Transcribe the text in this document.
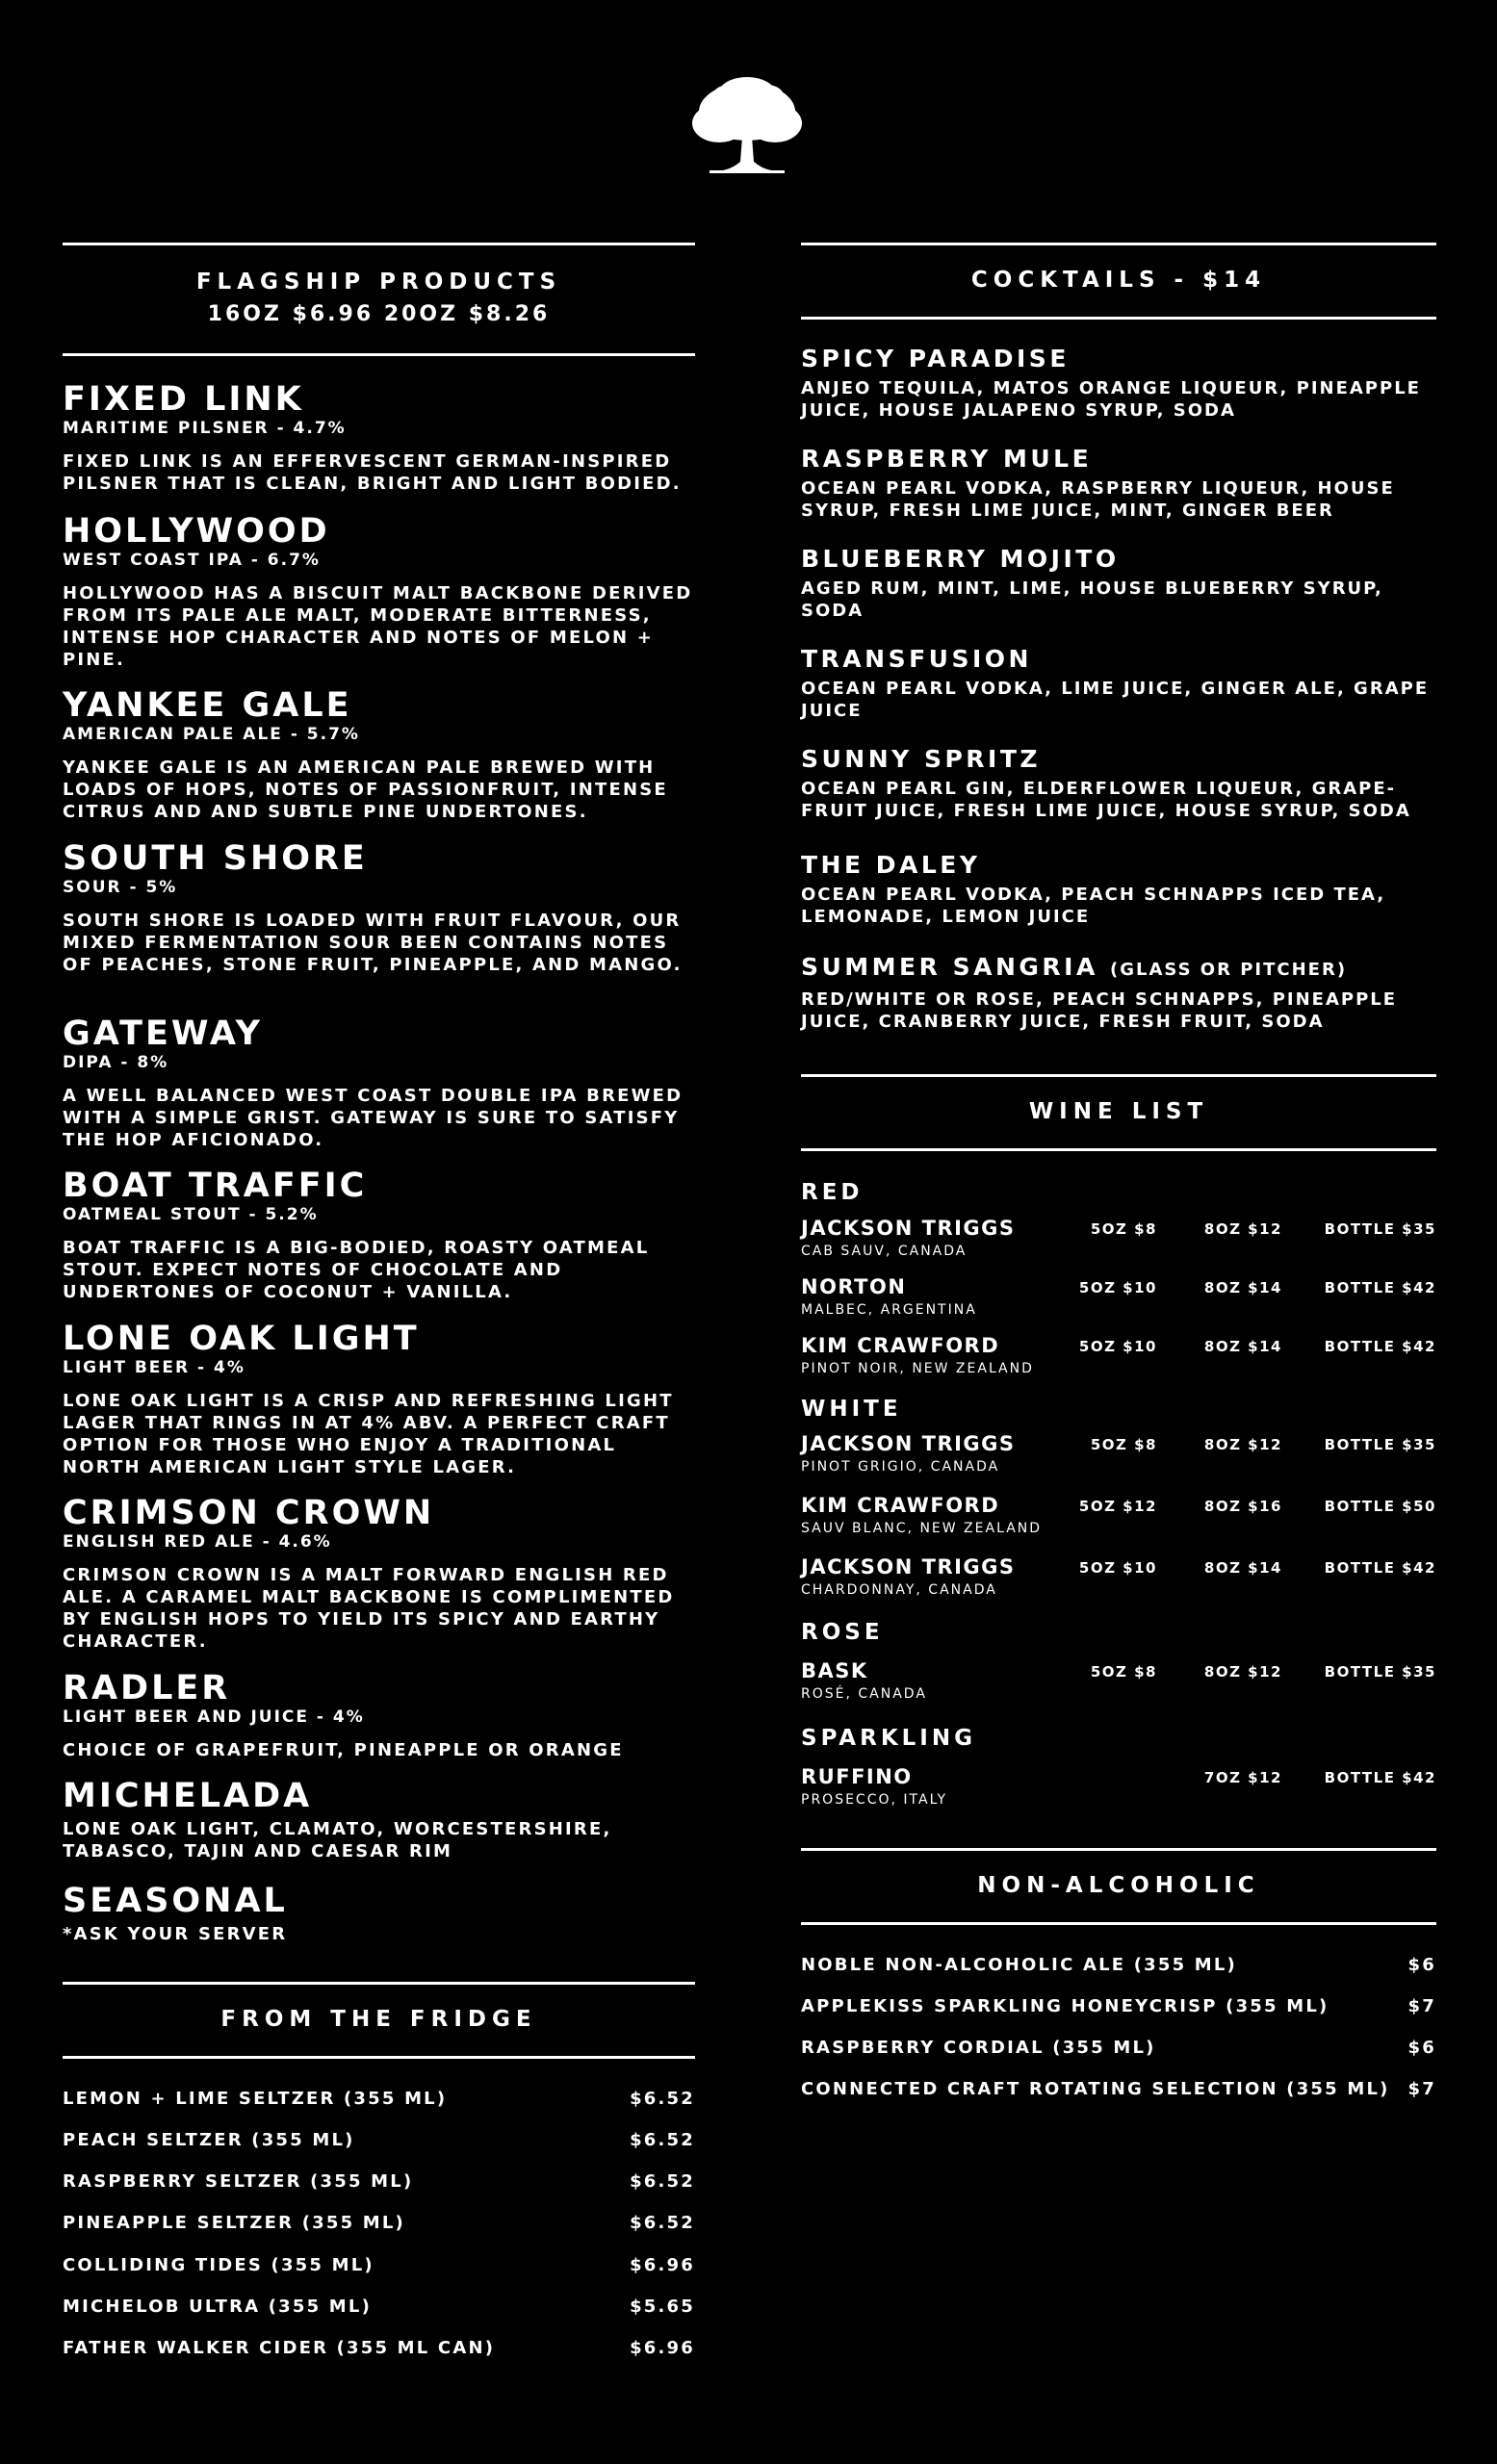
FLAGSHIP PRODUCTS
16OZ $6.96 20OZ $8.26
FIXED LINK
MARITIME PILSNER - 4.7%
FIXED LINK IS AN EFFERVESCENT GERMAN-INSPIRED PILSNER THAT IS CLEAN, BRIGHT AND LIGHT BODIED.
HOLLYWOOD
WEST COAST IPA - 6.7%
HOLLYWOOD HAS A BISCUIT MALT BACKBONE DERIVED FROM ITS PALE ALE MALT, MODERATE BITTERNESS, INTENSE HOP CHARACTER AND NOTES OF MELON + PINE.
YANKEE GALE
AMERICAN PALE ALE - 5.7%
YANKEE GALE IS AN AMERICAN PALE BREWED WITH LOADS OF HOPS, NOTES OF PASSIONFRUIT, INTENSE CITRUS AND AND SUBTLE PINE UNDERTONES.
SOUTH SHORE
SOUR - 5%
SOUTH SHORE IS LOADED WITH FRUIT FLAVOUR, OUR MIXED FERMENTATION SOUR BEEN CONTAINS NOTES OF PEACHES, STONE FRUIT, PINEAPPLE, AND MANGO.
GATEWAY
DIPA - 8%
A WELL BALANCED WEST COAST DOUBLE IPA BREWED WITH A SIMPLE GRIST. GATEWAY IS SURE TO SATISFY THE HOP AFICIONADO.
BOAT TRAFFIC
OATMEAL STOUT - 5.2%
BOAT TRAFFIC IS A BIG-BODIED, ROASTY OATMEAL STOUT. EXPECT NOTES OF CHOCOLATE AND UNDERTONES OF COCONUT + VANILLA.
LONE OAK LIGHT
LIGHT BEER - 4%
LONE OAK LIGHT IS A CRISP AND REFRESHING LIGHT LAGER THAT RINGS IN AT 4% ABV. A PERFECT CRAFT OPTION FOR THOSE WHO ENJOY A TRADITIONAL NORTH AMERICAN LIGHT STYLE LAGER.
CRIMSON CROWN
ENGLISH RED ALE - 4.6%
CRIMSON CROWN IS A MALT FORWARD ENGLISH RED ALE. A CARAMEL MALT BACKBONE IS COMPLIMENTED BY ENGLISH HOPS TO YIELD ITS SPICY AND EARTHY CHARACTER.
RADLER
LIGHT BEER AND JUICE - 4%
CHOICE OF GRAPEFRUIT, PINEAPPLE OR ORANGE
MICHELADA
LONE OAK LIGHT, CLAMATO, WORCESTERSHIRE, TABASCO, TAJIN AND CAESAR RIM
SEASONAL
*ASK YOUR SERVER
FROM THE FRIDGE
LEMON + LIME SELTZER (355 ML)	$6.52
PEACH SELTZER (355 ML)	$6.52
RASPBERRY SELTZER (355 ML)	$6.52
PINEAPPLE SELTZER (355 ML)	$6.52
COLLIDING TIDES (355 ML)	$6.96
MICHELOB ULTRA (355 ML)	$5.65
FATHER WALKER CIDER (355 ML CAN)	$6.96
COCKTAILS - $14
SPICY PARADISE
ANJEO TEQUILA, MATOS ORANGE LIQUEUR, PINEAPPLE JUICE, HOUSE JALAPENO SYRUP, SODA
RASPBERRY MULE
OCEAN PEARL VODKA, RASPBERRY LIQUEUR, HOUSE SYRUP, FRESH LIME JUICE, MINT, GINGER BEER
BLUEBERRY MOJITO
AGED RUM, MINT, LIME, HOUSE BLUEBERRY SYRUP, SODA
TRANSFUSION
OCEAN PEARL VODKA, LIME JUICE, GINGER ALE, GRAPE JUICE
SUNNY SPRITZ
OCEAN PEARL GIN, ELDERFLOWER LIQUEUR, GRAPE-FRUIT JUICE, FRESH LIME JUICE, HOUSE SYRUP, SODA
THE DALEY
OCEAN PEARL VODKA, PEACH SCHNAPPS ICED TEA, LEMONADE, LEMON JUICE
SUMMER SANGRIA (GLASS OR PITCHER)
RED/WHITE OR ROSE, PEACH SCHNAPPS, PINEAPPLE JUICE, CRANBERRY JUICE, FRESH FRUIT, SODA
WINE LIST
RED
JACKSON TRIGGS
CAB SAUV, CANADA
5OZ $8	8OZ $12	BOTTLE $35
NORTON
MALBEC, ARGENTINA
5OZ $10	8OZ $14	BOTTLE $42
KIM CRAWFORD
PINOT NOIR, NEW ZEALAND
5OZ $10	8OZ $14	BOTTLE $42
WHITE
JACKSON TRIGGS
PINOT GRIGIO, CANADA
5OZ $8	8OZ $12	BOTTLE $35
KIM CRAWFORD
SAUV BLANC, NEW ZEALAND
5OZ $12	8OZ $16	BOTTLE $50
JACKSON TRIGGS
CHARDONNAY, CANADA
5OZ $10	8OZ $14	BOTTLE $42
ROSE
BASK
ROSÉ, CANADA
5OZ $8	8OZ $12	BOTTLE $35
SPARKLING
RUFFINO
PROSECCO, ITALY
7OZ $12	BOTTLE $42
NON-ALCOHOLIC
NOBLE NON-ALCOHOLIC ALE (355 ML)	$6
APPLEKISS SPARKLING HONEYCRISP (355 ML)	$7
RASPBERRY CORDIAL (355 ML)	$6
CONNECTED CRAFT ROTATING SELECTION (355 ML) $7
